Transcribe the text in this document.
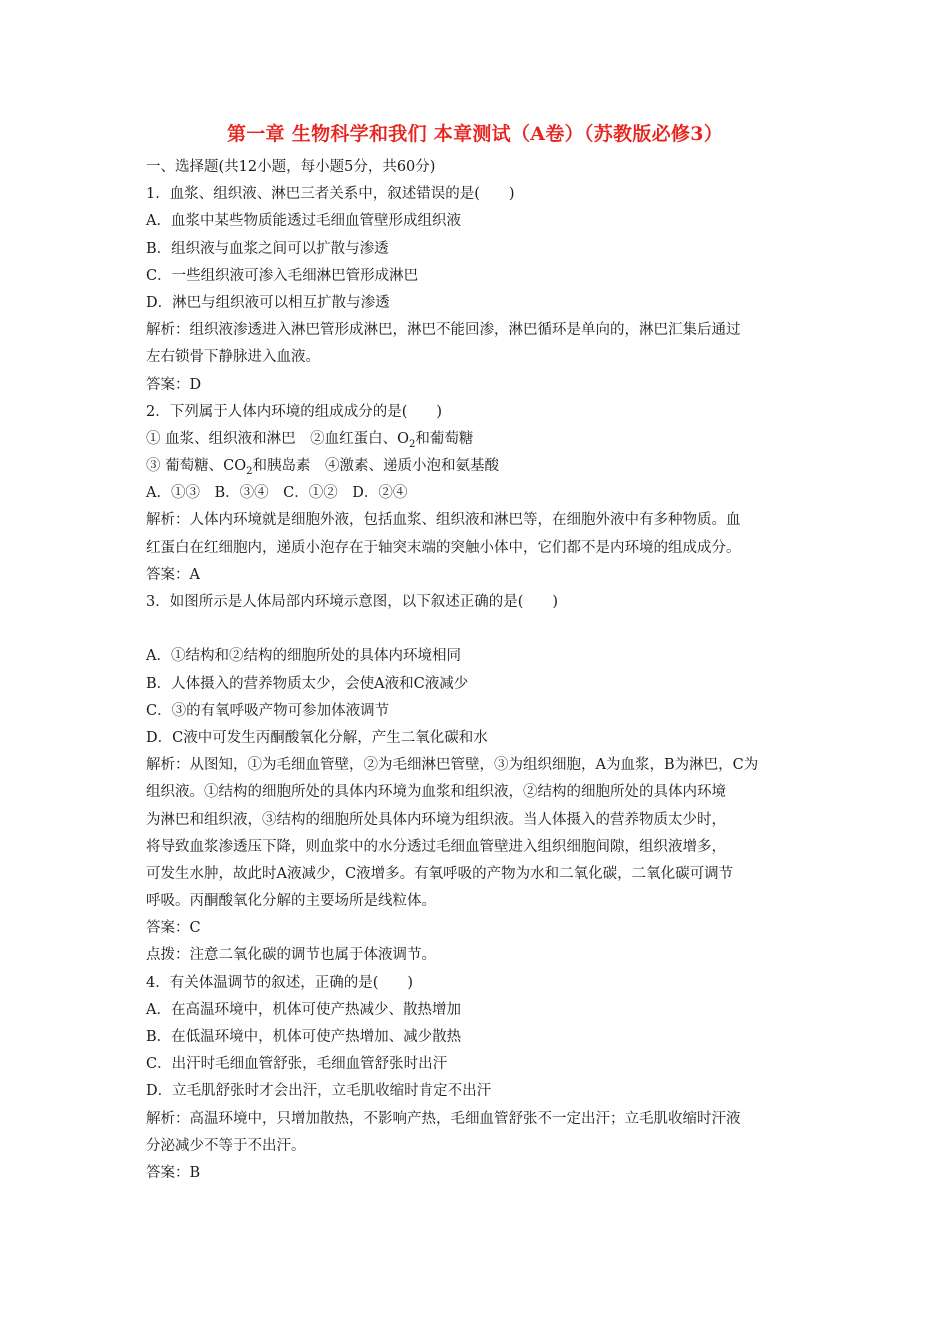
第一章 生物科学和我们 本章测试（A卷）（苏教版必修3）
一、选择题(共12小题，每小题5分，共60分)
1．血浆、组织液、淋巴三者关系中，叙述错误的是(　　)
A．血浆中某些物质能透过毛细血管壁形成组织液
B．组织液与血浆之间可以扩散与渗透
C．一些组织液可渗入毛细淋巴管形成淋巴
D．淋巴与组织液可以相互扩散与渗透
解析：组织液渗透进入淋巴管形成淋巴，淋巴不能回渗，淋巴循环是单向的，淋巴汇集后通过
左右锁骨下静脉进入血液。
答案：D
2．下列属于人体内环境的组成成分的是(　　)
① 血浆、组织液和淋巴　②血红蛋白、$O_2$和葡萄糖
③ 葡萄糖、$CO_2$和胰岛素　④激素、递质小泡和氨基酸
A．①③　B．③④　C．①②　D．②④
解析：人体内环境就是细胞外液，包括血浆、组织液和淋巴等，在细胞外液中有多种物质。血
红蛋白在红细胞内，递质小泡存在于轴突末端的突触小体中，它们都不是内环境的组成成分。
答案：A
3．如图所示是人体局部内环境示意图，以下叙述正确的是(　　)
A．①结构和②结构的细胞所处的具体内环境相同
B．人体摄入的营养物质太少，会使A液和C液减少
C．③的有氧呼吸产物可参加体液调节
D．C液中可发生丙酮酸氧化分解，产生二氧化碳和水
解析：从图知，①为毛细血管壁，②为毛细淋巴管壁，③为组织细胞，A为血浆，B为淋巴，C为
组织液。①结构的细胞所处的具体内环境为血浆和组织液，②结构的细胞所处的具体内环境
为淋巴和组织液，③结构的细胞所处具体内环境为组织液。当人体摄入的营养物质太少时，
将导致血浆渗透压下降，则血浆中的水分透过毛细血管壁进入组织细胞间隙，组织液增多，
可发生水肿，故此时A液减少，C液增多。有氧呼吸的产物为水和二氧化碳，二氧化碳可调节
呼吸。丙酮酸氧化分解的主要场所是线粒体。
答案：C
点拨：注意二氧化碳的调节也属于体液调节。
4．有关体温调节的叙述，正确的是(　　)
A．在高温环境中，机体可使产热减少、散热增加
B．在低温环境中，机体可使产热增加、减少散热
C．出汗时毛细血管舒张，毛细血管舒张时出汗
D．立毛肌舒张时才会出汗，立毛肌收缩时肯定不出汗
解析：高温环境中，只增加散热，不影响产热，毛细血管舒张不一定出汗；立毛肌收缩时汗液
分泌减少不等于不出汗。
答案：B
